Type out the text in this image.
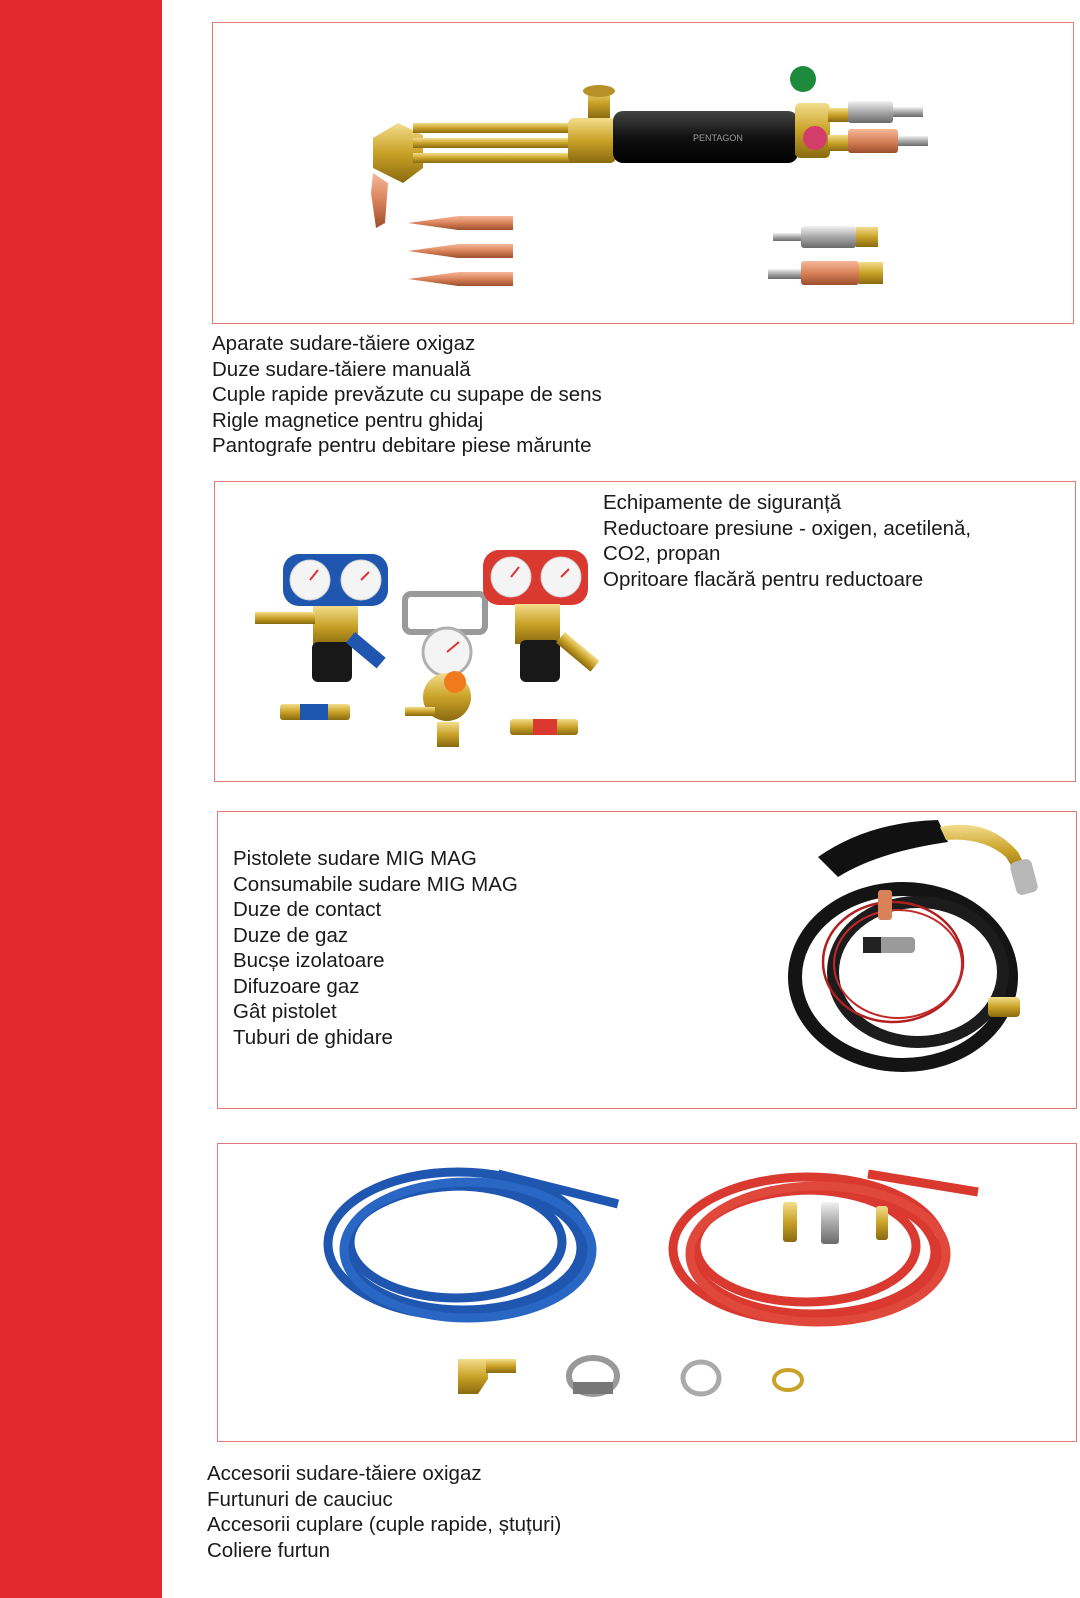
PENTAGON
Aparate sudare-tăiere oxigaz
Duze sudare-tăiere manuală
Cuple rapide prevăzute cu supape de sens
Rigle magnetice pentru ghidaj
Pantografe pentru debitare piese mărunte
Echipamente de siguranță
Reductoare presiune - oxigen, acetilenă,
CO2, propan
Opritoare flacără pentru reductoare
Pistolete sudare MIG MAG
Consumabile sudare MIG MAG
Duze de contact
Duze de gaz
Bucșe izolatoare
Difuzoare gaz
Gât pistolet
Tuburi de ghidare
Accesorii sudare-tăiere oxigaz
Furtunuri de cauciuc
Accesorii cuplare (cuple rapide, ștuțuri)
Coliere furtun
